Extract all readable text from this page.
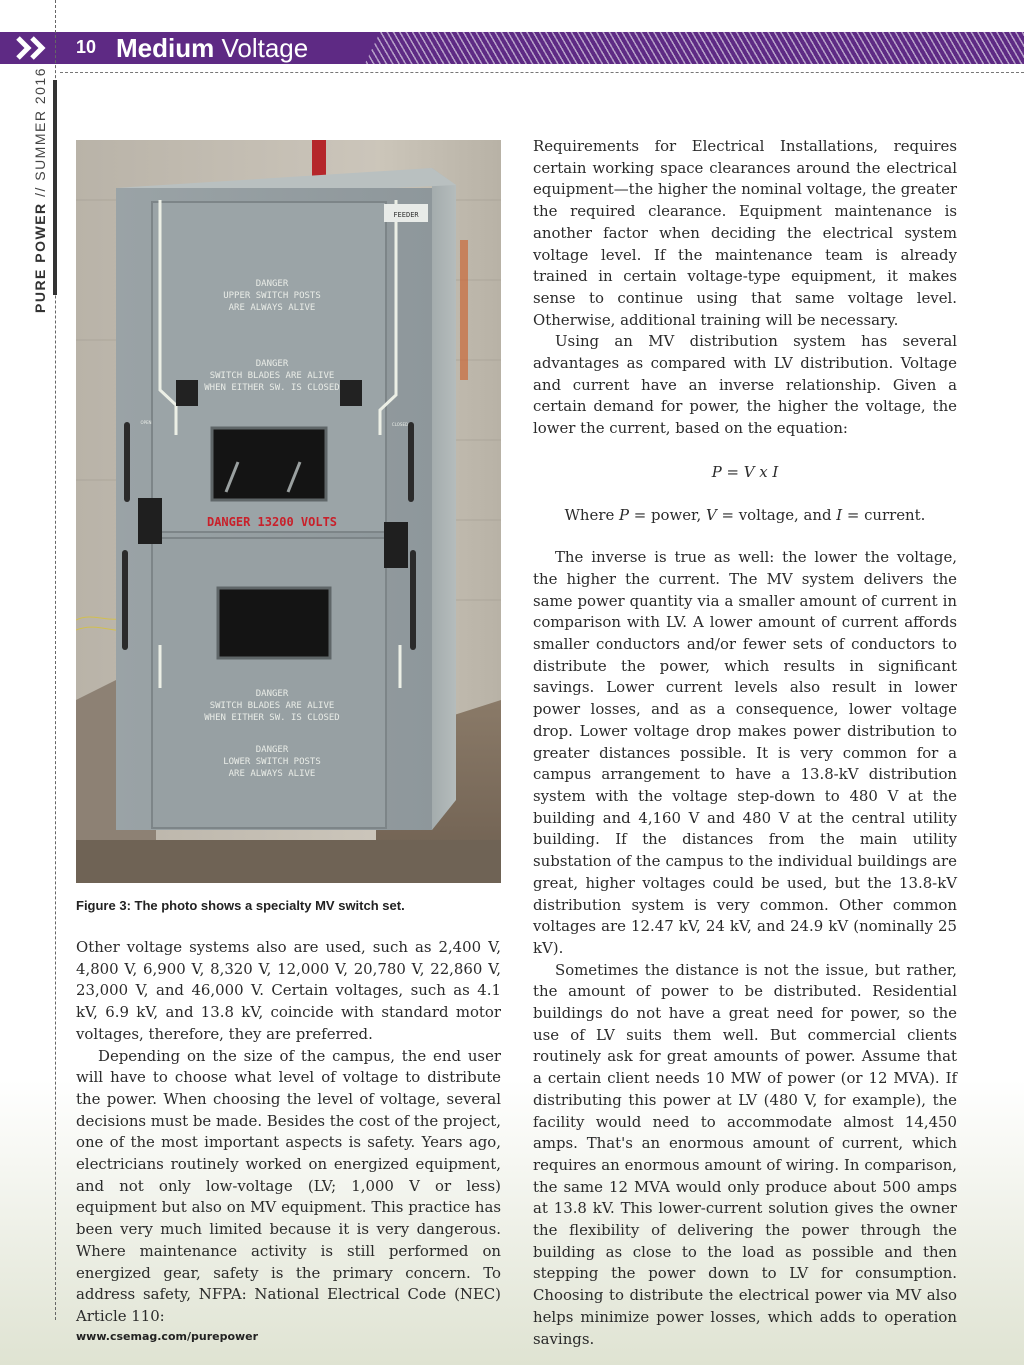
10 Medium Voltage
PURE POWER // SUMMER 2016
FEEDER
DANGER
UPPER SWITCH POSTS
ARE ALWAYS ALIVE
DANGER
SWITCH BLADES ARE ALIVE
WHEN EITHER SW. IS CLOSED
DANGER
SWITCH BLADES ARE ALIVE
WHEN EITHER SW. IS CLOSED
DANGER
LOWER SWITCH POSTS
ARE ALWAYS ALIVE
DANGER 13200 VOLTS
OPEN	CLOSED
Figure 3: The photo shows a specialty MV switch set.

Other voltage systems also are used, such as 2,400 V, 4,800 V, 6,900 V, 8,320 V, 12,000 V, 20,780 V, 22,860 V, 23,000 V, and 46,000 V. Certain voltages, such as 4.1 kV, 6.9 kV, and 13.8 kV, coincide with standard motor voltages, therefore, they are preferred.

Depending on the size of the campus, the end user will have to choose what level of voltage to distribute the power. When choosing the level of voltage, several decisions must be made. Besides the cost of the project, one of the most important aspects is safety. Years ago, electricians routinely worked on energized equipment, and not only low-voltage (LV; 1,000 V or less) equipment but also on MV equipment. This practice has been very much limited because it is very dangerous. Where maintenance activity is still performed on energized gear, safety is the primary concern. To address safety, NFPA: National Electrical Code (NEC) Article 110:

Requirements for Electrical Installations, requires certain working space clearances around the electrical equipment—the higher the nominal voltage, the greater the required clearance. Equipment maintenance is another factor when deciding the electrical system voltage level. If the maintenance team is already trained in certain voltage-type equipment, it makes sense to continue using that same voltage level. Otherwise, additional training will be necessary.

Using an MV distribution system has several advantages as compared with LV distribution. Voltage and current have an inverse relationship. Given a certain demand for power, the higher the voltage, the lower the current, based on the equation:

P = V x I
Where P = power, V = voltage, and I = current.

The inverse is true as well: the lower the voltage, the higher the current. The MV system delivers the same power quantity via a smaller amount of current in comparison with LV. A lower amount of current affords smaller conductors and/or fewer sets of conductors to distribute the power, which results in significant savings. Lower current levels also result in lower power losses, and as a consequence, lower voltage drop. Lower voltage drop makes power distribution to greater distances possible. It is very common for a campus arrangement to have a 13.8-kV distribution system with the voltage step-down to 480 V at the building and 4,160 V and 480 V at the central utility building. If the distances from the main utility substation of the campus to the individual buildings are great, higher voltages could be used, but the 13.8-kV distribution system is very common. Other common voltages are 12.47 kV, 24 kV, and 24.9 kV (nominally 25 kV).

Sometimes the distance is not the issue, but rather, the amount of power to be distributed. Residential buildings do not have a great need for power, so the use of LV suits them well. But commercial clients routinely ask for great amounts of power. Assume that a certain client needs 10 MW of power (or 12 MVA). If distributing this power at LV (480 V, for example), the facility would need to accommodate almost 14,450 amps. That's an enormous amount of current, which requires an enormous amount of wiring. In comparison, the same 12 MVA would only produce about 500 amps at 13.8 kV. This lower-current solution gives the owner the flexibility of delivering the power through the building as close to the load as possible and then stepping the power down to LV for consumption. Choosing to distribute the electrical power via MV also helps minimize power losses, which adds to operation savings.

www.csemag.com/purepower
